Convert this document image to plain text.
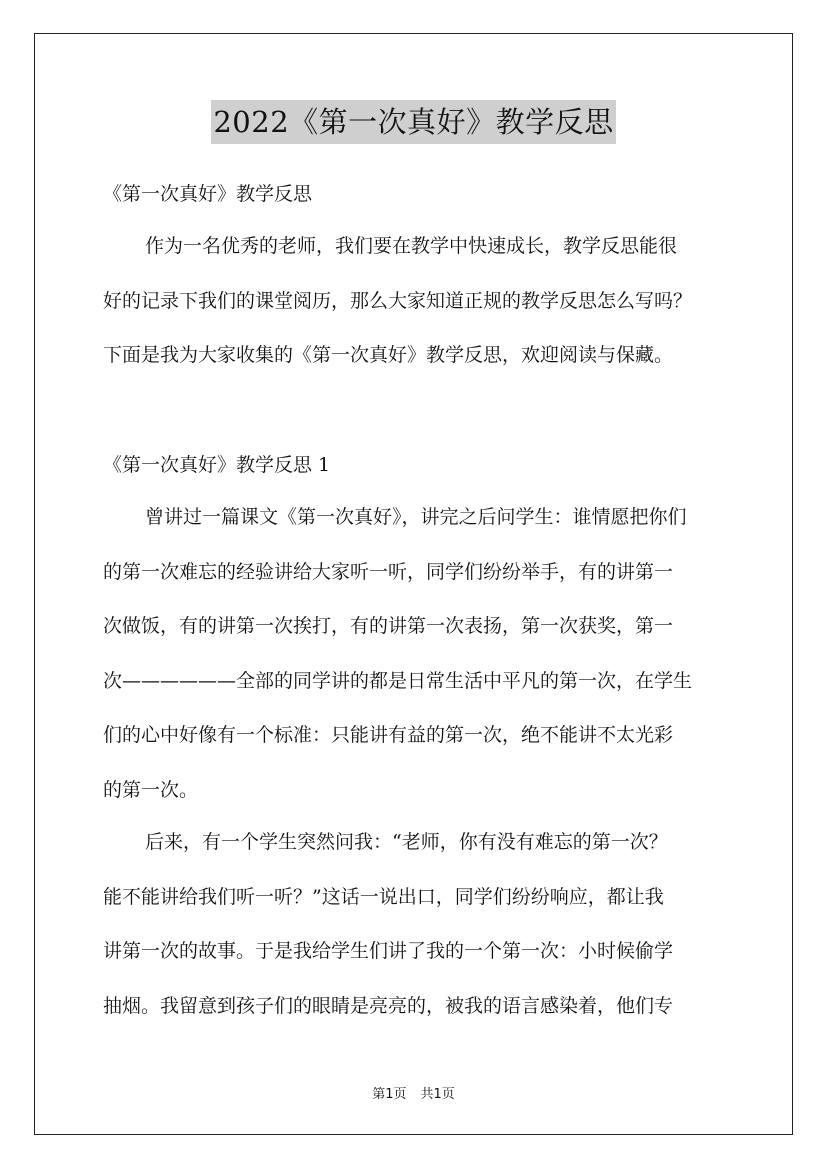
2022《第一次真好》教学反思
《第一次真好》教学反思
作为一名优秀的老师，我们要在教学中快速成长，教学反思能很
好的记录下我们的课堂阅历，那么大家知道正规的教学反思怎么写吗？
下面是我为大家收集的《第一次真好》教学反思，欢迎阅读与保藏。
《第一次真好》教学反思 1
曾讲过一篇课文《第一次真好》，讲完之后问学生：谁情愿把你们
的第一次难忘的经验讲给大家听一听，同学们纷纷举手，有的讲第一
次做饭，有的讲第一次挨打，有的讲第一次表扬，第一次获奖，第一
次——————全部的同学讲的都是日常生活中平凡的第一次，在学生
们的心中好像有一个标准：只能讲有益的第一次，绝不能讲不太光彩
的第一次。
后来，有一个学生突然问我：“老师，你有没有难忘的第一次？
能不能讲给我们听一听？”这话一说出口，同学们纷纷响应，都让我
讲第一次的故事。于是我给学生们讲了我的一个第一次：小时候偷学
抽烟。我留意到孩子们的眼睛是亮亮的，被我的语言感染着，他们专
第1页 共1页
